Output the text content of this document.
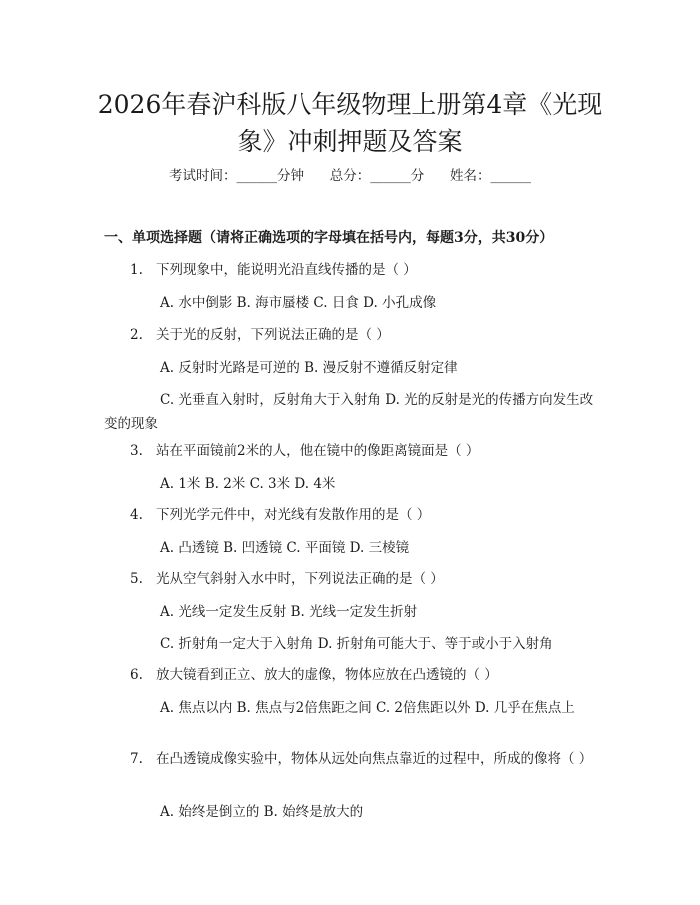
2026年春沪科版八年级物理上册第4章《光现象》冲刺押题及答案
考试时间：______分钟      总分：______分      姓名：______
一、单项选择题（请将正确选项的字母填在括号内，每题3分，共30分）
1. 下列现象中，能说明光沿直线传播的是（ ）
A. 水中倒影 B. 海市蜃楼 C. 日食 D. 小孔成像
2. 关于光的反射，下列说法正确的是（ ）
A. 反射时光路是可逆的 B. 漫反射不遵循反射定律
C. 光垂直入射时，反射角大于入射角 D. 光的反射是光的传播方向发生改变的现象
3. 站在平面镜前2米的人，他在镜中的像距离镜面是（ ）
A. 1米 B. 2米 C. 3米 D. 4米
4. 下列光学元件中，对光线有发散作用的是（ ）
A. 凸透镜 B. 凹透镜 C. 平面镜 D. 三棱镜
5. 光从空气斜射入水中时，下列说法正确的是（ ）
A. 光线一定发生反射 B. 光线一定发生折射
C. 折射角一定大于入射角 D. 折射角可能大于、等于或小于入射角
6. 放大镜看到正立、放大的虚像，物体应放在凸透镜的（ ）
A. 焦点以内 B. 焦点与2倍焦距之间 C. 2倍焦距以外 D. 几乎在焦点上
7. 在凸透镜成像实验中，物体从远处向焦点靠近的过程中，所成的像将（ ）
A. 始终是倒立的 B. 始终是放大的
